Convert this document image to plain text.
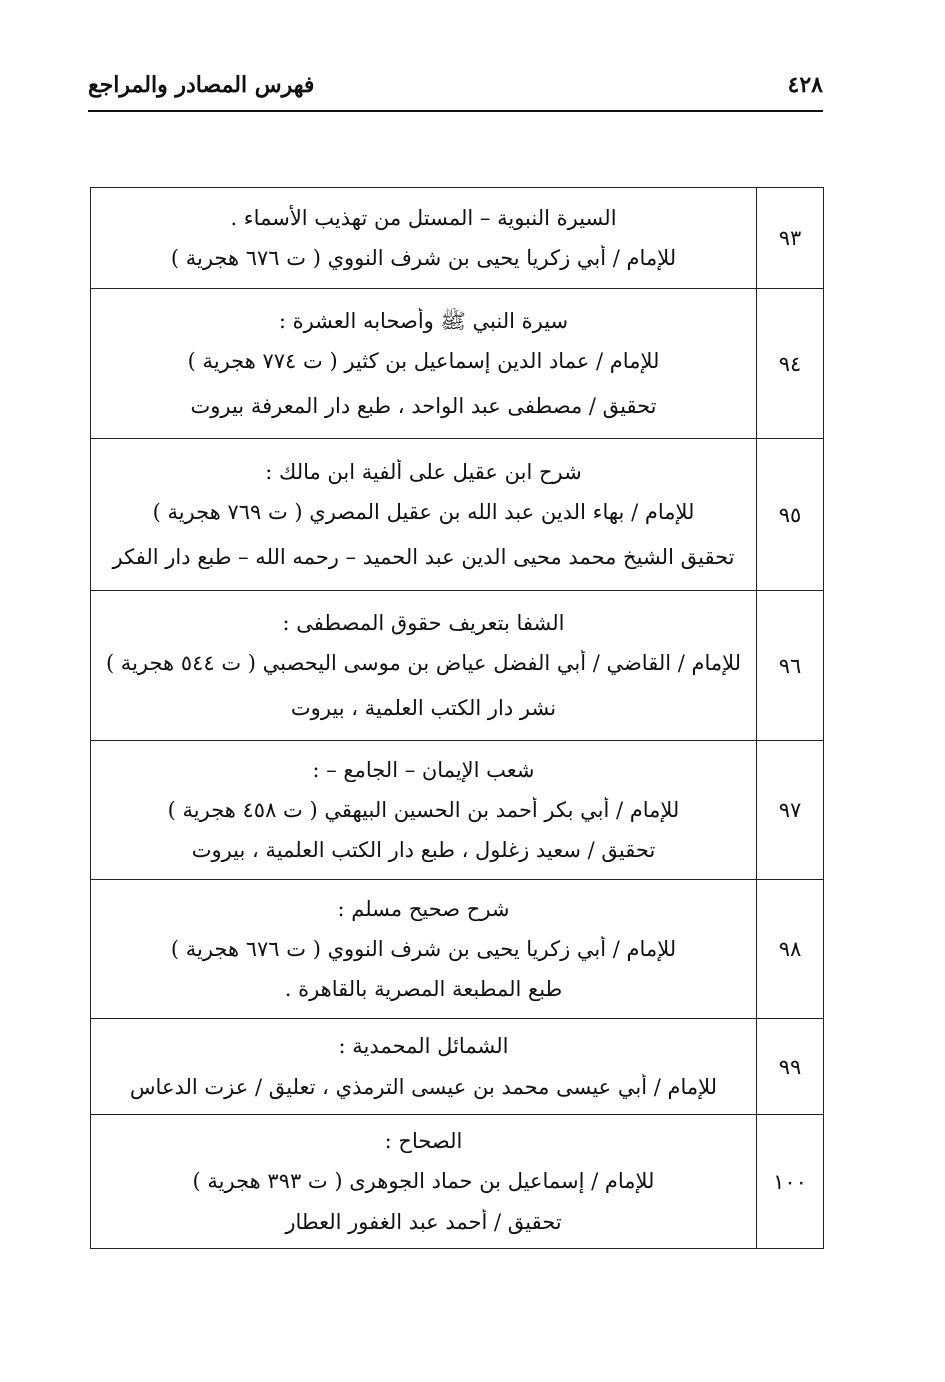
٤٢٨
فهرس المصادر والمراجع
٩٣	السيرة النبوية – المستل من تهذيب الأسماء .
للإمام / أبي زكريا يحيى بن شرف النووي ( ت ٦٧٦ هجرية )

٩٤	سيرة النبي ﷺ وأصحابه العشرة :
للإمام / عماد الدين إسماعيل بن كثير ( ت ٧٧٤ هجرية )
تحقيق / مصطفى عبد الواحد ، طبع دار المعرفة بيروت

٩٥	شرح ابن عقيل على ألفية ابن مالك :
للإمام / بهاء الدين عبد الله بن عقيل المصري ( ت ٧٦٩ هجرية )
تحقيق الشيخ محمد محيى الدين عبد الحميد – رحمه الله – طبع دار الفكر

٩٦	الشفا بتعريف حقوق المصطفى :
للإمام / القاضي / أبي الفضل عياض بن موسى اليحصبي ( ت ٥٤٤ هجرية )
نشر دار الكتب العلمية ، بيروت

٩٧	شعب الإيمان – الجامع – :
للإمام / أبي بكر أحمد بن الحسين البيهقي ( ت ٤٥٨ هجرية )
تحقيق / سعيد زغلول ، طبع دار الكتب العلمية ، بيروت

٩٨	شرح صحيح مسلم :
للإمام / أبي زكريا يحيى بن شرف النووي ( ت ٦٧٦ هجرية )
طبع المطبعة المصرية بالقاهرة .

٩٩	الشمائل المحمدية :
للإمام / أبي عيسى محمد بن عيسى الترمذي ، تعليق / عزت الدعاس

١٠٠	الصحاح :
للإمام / إسماعيل بن حماد الجوهرى ( ت ٣٩٣ هجرية )
تحقيق / أحمد عبد الغفور العطار
